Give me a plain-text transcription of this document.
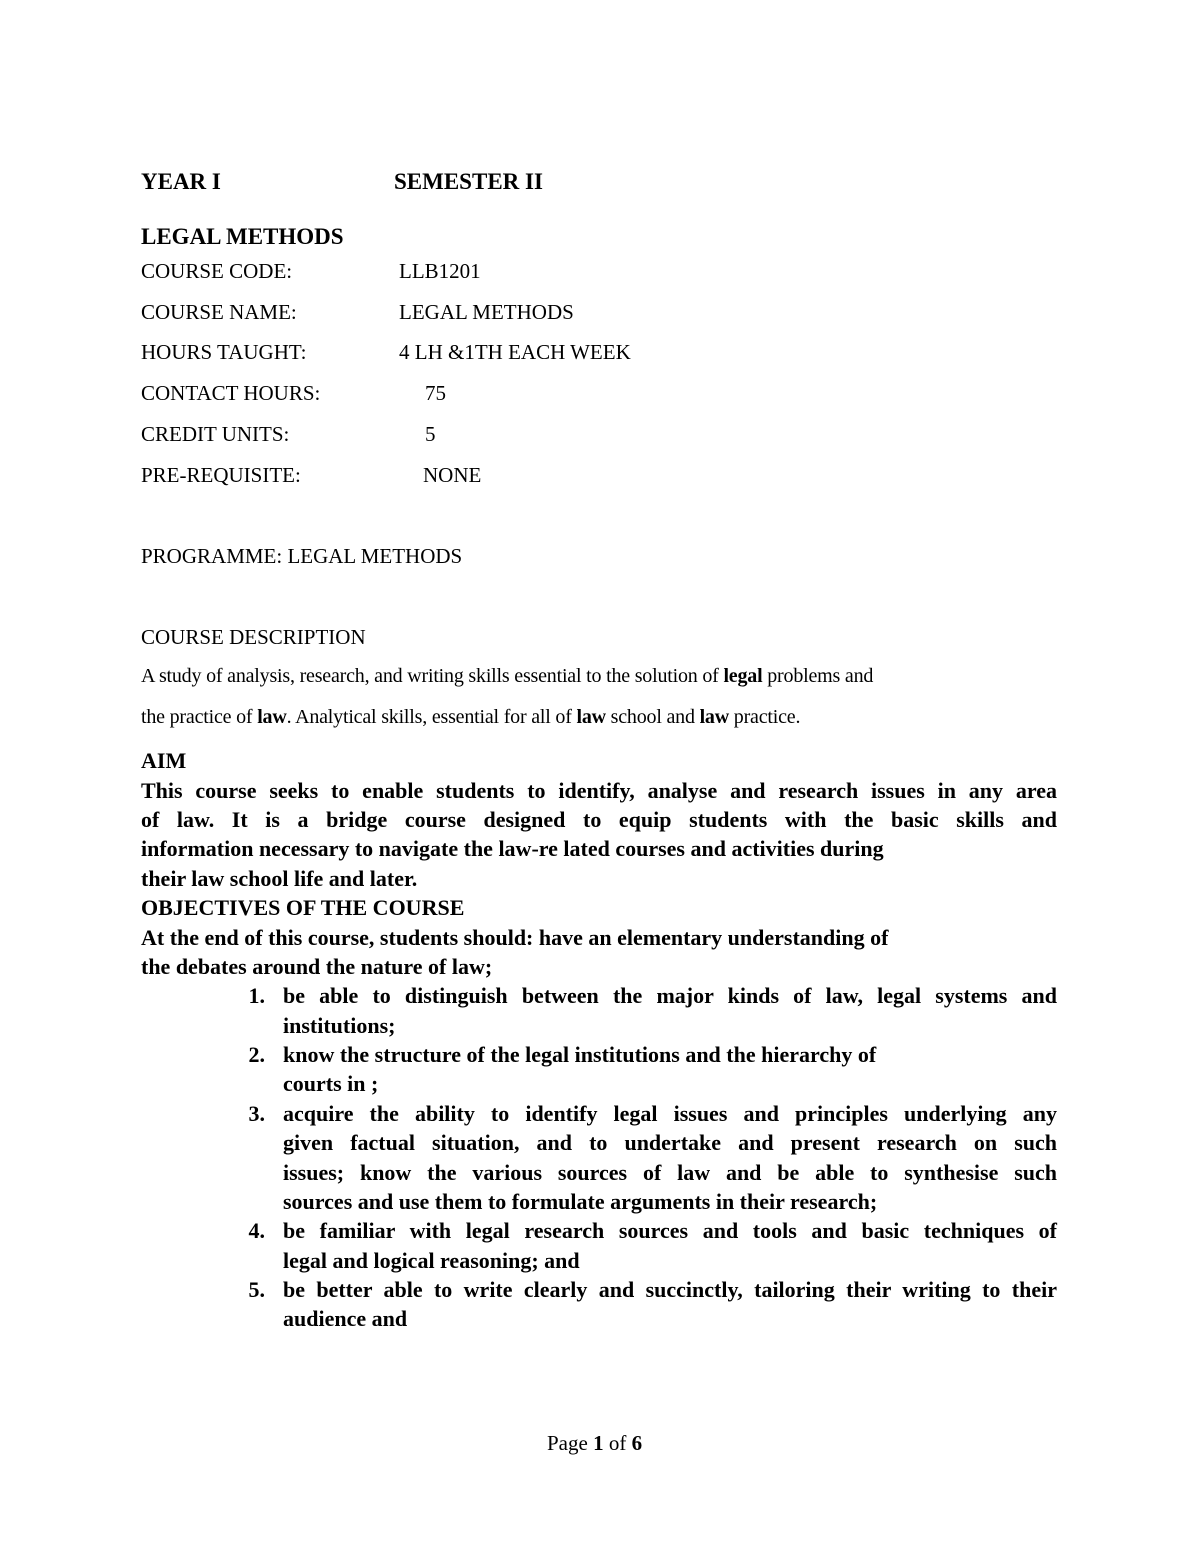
YEAR I	SEMESTER II
LEGAL METHODS
COURSE CODE:	LLB1201
COURSE NAME:	LEGAL METHODS
HOURS TAUGHT:	4 LH &1TH EACH WEEK
CONTACT HOURS:	75
CREDIT UNITS:	5
PRE-REQUISITE:	NONE
PROGRAMME: LEGAL METHODS
COURSE DESCRIPTION
A study of analysis, research, and writing skills essential to the solution of legal problems and
the practice of law. Analytical skills, essential for all of law school and law practice.
AIM
This course seeks to enable students to identify, analyse and research issues in any area
of law. It is a bridge course designed to equip students with the basic skills and
information necessary to navigate the law-re lated courses and activities during
their law school life and later.
OBJECTIVES OF THE COURSE
At the end of this course, students should: have an elementary understanding of
the debates around the nature of law;
1. be able to distinguish between the major kinds of law, legal systems and
institutions;
2. know the structure of the legal institutions and the hierarchy of
courts in ;
3. acquire the ability to identify legal issues and principles underlying any
given factual situation, and to undertake and present research on such
issues; know the various sources of law and be able to synthesise such
sources and use them to formulate arguments in their research;
4. be familiar with legal research sources and tools and basic techniques of
legal and logical reasoning; and
5. be better able to write clearly and succinctly, tailoring their writing to their
audience and
Page 1 of 6
